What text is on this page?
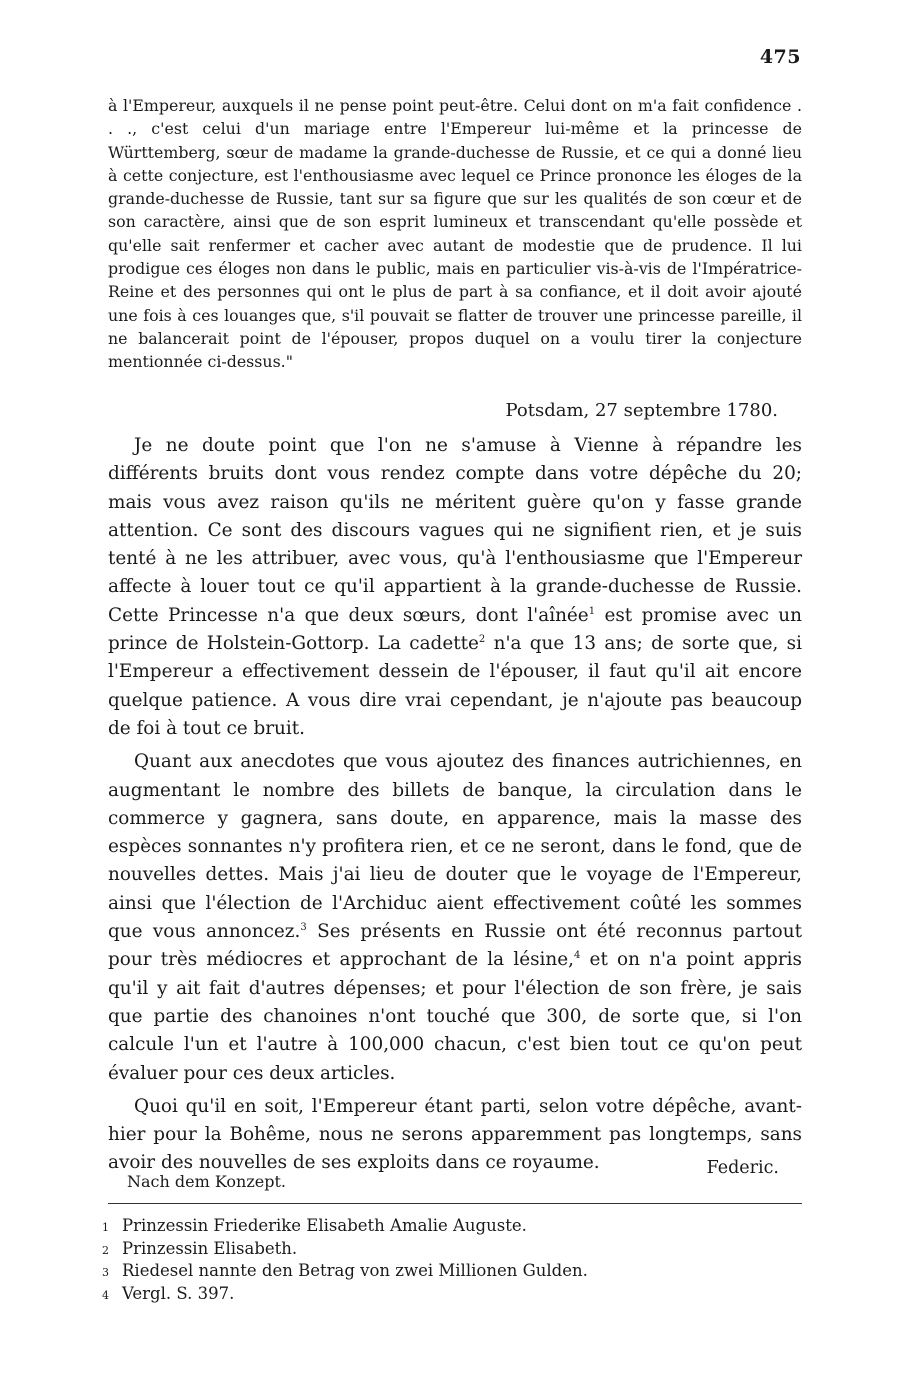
475
à l'Empereur, auxquels il ne pense point peut-être. Celui dont on m'a fait confidence . . ., c'est celui d'un mariage entre l'Empereur lui-même et la princesse de Württemberg, sœur de madame la grande-duchesse de Russie, et ce qui a donné lieu à cette conjecture, est l'enthousiasme avec lequel ce Prince prononce les éloges de la grande-duchesse de Russie, tant sur sa figure que sur les qualités de son cœur et de son caractère, ainsi que de son esprit lumineux et transcendant qu'elle possède et qu'elle sait renfermer et cacher avec autant de modestie que de prudence. Il lui prodigue ces éloges non dans le public, mais en particulier vis-à-vis de l'Impératrice-Reine et des personnes qui ont le plus de part à sa confiance, et il doit avoir ajouté une fois à ces louanges que, s'il pouvait se flatter de trouver une princesse pareille, il ne balancerait point de l'épouser, propos duquel on a voulu tirer la conjecture mentionnée ci-dessus."
Potsdam, 27 septembre 1780.

Je ne doute point que l'on ne s'amuse à Vienne à répandre les différents bruits dont vous rendez compte dans votre dépêche du 20; mais vous avez raison qu'ils ne méritent guère qu'on y fasse grande attention. Ce sont des discours vagues qui ne signifient rien, et je suis tenté à ne les attribuer, avec vous, qu'à l'enthousiasme que l'Empereur affecte à louer tout ce qu'il appartient à la grande-duchesse de Russie. Cette Princesse n'a que deux sœurs, dont l'aînée$^1$ est promise avec un prince de Holstein-Gottorp. La cadette$^2$ n'a que 13 ans; de sorte que, si l'Empereur a effectivement dessein de l'épouser, il faut qu'il ait encore quelque patience. A vous dire vrai cependant, je n'ajoute pas beaucoup de foi à tout ce bruit.

Quant aux anecdotes que vous ajoutez des finances autrichiennes, en augmentant le nombre des billets de banque, la circulation dans le commerce y gagnera, sans doute, en apparence, mais la masse des espèces sonnantes n'y profitera rien, et ce ne seront, dans le fond, que de nouvelles dettes. Mais j'ai lieu de douter que le voyage de l'Empereur, ainsi que l'élection de l'Archiduc aient effectivement coûté les sommes que vous annoncez.$^3$ Ses présents en Russie ont été reconnus partout pour très médiocres et approchant de la lésine,$^4$ et on n'a point appris qu'il y ait fait d'autres dépenses; et pour l'élection de son frère, je sais que partie des chanoines n'ont touché que 300, de sorte que, si l'on calcule l'un et l'autre à 100,000 chacun, c'est bien tout ce qu'on peut évaluer pour ces deux articles.

Quoi qu'il en soit, l'Empereur étant parti, selon votre dépêche, avant-hier pour la Bohême, nous ne serons apparemment pas longtemps, sans avoir des nouvelles de ses exploits dans ce royaume.	Federic.
Nach dem Konzept.
1 Prinzessin Friederike Elisabeth Amalie Auguste.
2 Prinzessin Elisabeth.
3 Riedesel nannte den Betrag von zwei Millionen Gulden.
4 Vergl. S. 397.
